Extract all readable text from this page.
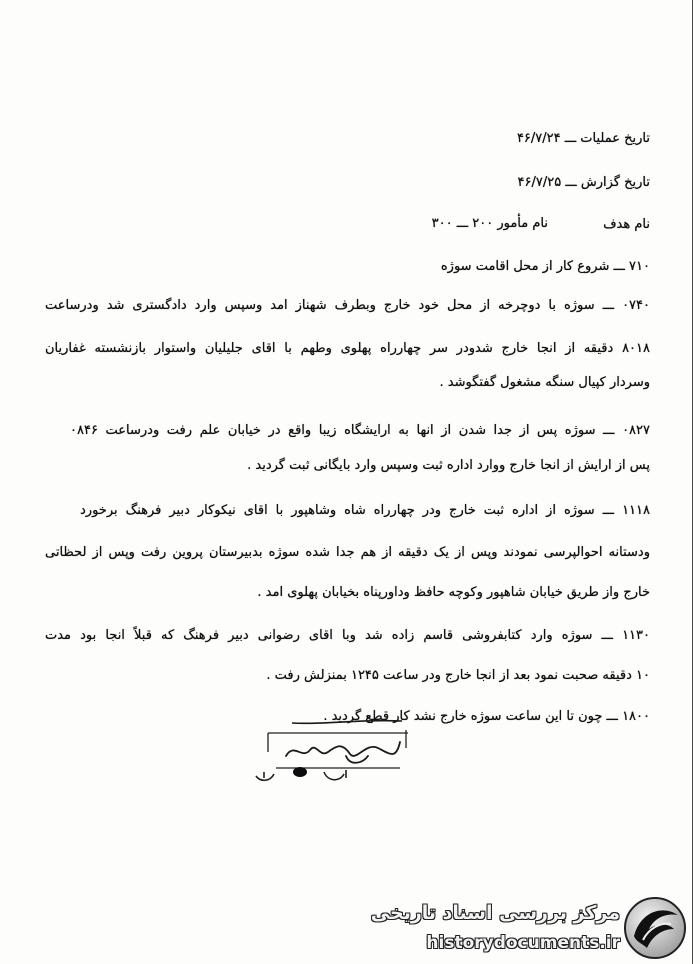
تاریخ عملیات ـــ ۴۶/۷/۲۴
تاریخ گزارش ـــ ۴۶/۷/۲۵
نام هدف
نام مأمور ۲۰۰ ـــ ۳۰۰
۷۱۰ ـــ شروع کار از محل اقامت سوژه
۰۷۴۰ ـــ سوژه با دوچرخه از محل خود خارج وبطرف شهناز امد وسپس وارد دادگستری شد ودرساعت
۸۰۱۸ دقیقه از انجا خارج شدودر سر چهارراه پهلوی وطهم با اقای جلیلیان واستوار بازنشسته غفاریان
وسردار کپیال سنگه مشغول گفتگوشد .
۰۸۲۷ ـــ سوژه پس از جدا شدن از انها به ارایشگاه زیبا واقع در خیابان علم رفت ودرساعت ۰۸۴۶
پس از ارایش از انجا خارج ووارد اداره ثبت وسپس وارد بایگانی ثبت گردید .
۱۱۱۸ ـــ سوژه از اداره ثبت خارج ودر چهارراه شاه وشاهپور با اقای نیکوکار دبیر فرهنگ برخورد
ودستانه احوالپرسی نمودند وپس از یک دقیقه از هم جدا شده سوژه بدبیرستان پروین رفت وپس از لحظاتی
خارج واز طریق خیابان شاهپور وکوچه حافظ وداورپناه بخیابان پهلوی امد .
۱۱۳۰ ـــ سوژه وارد کتابفروشی قاسم زاده شد وبا اقای رضوانی دبیر فرهنگ که قبلاً انجا بود مدت
۱۰ دقیقه صحبت نمود بعد از انجا خارج ودر ساعت ۱۲۴۵ بمنزلش رفت .
۱۸۰۰ ـــ چون تا این ساعت سوژه خارج نشد کار قطع گردید .
مرکز بررسی اسناد تاریخی
historydocuments.ir
